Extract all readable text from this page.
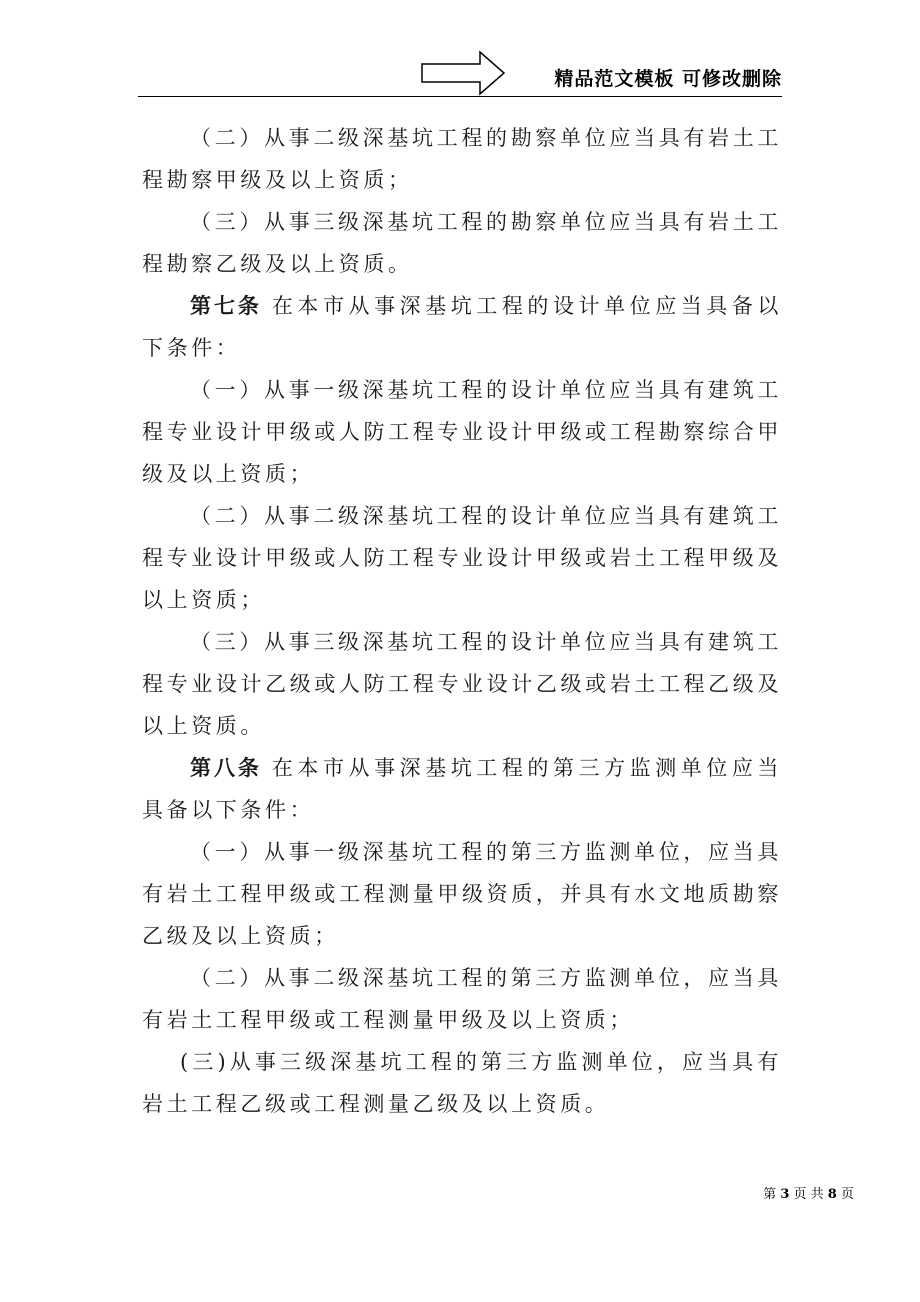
精品范文模板 可修改删除

（二）从事二级深基坑工程的勘察单位应当具有岩土工程勘察甲级及以上资质；

（三）从事三级深基坑工程的勘察单位应当具有岩土工程勘察乙级及以上资质。

第七条 在本市从事深基坑工程的设计单位应当具备以下条件：

（一）从事一级深基坑工程的设计单位应当具有建筑工程专业设计甲级或人防工程专业设计甲级或工程勘察综合甲级及以上资质；

（二）从事二级深基坑工程的设计单位应当具有建筑工程专业设计甲级或人防工程专业设计甲级或岩土工程甲级及以上资质；

（三）从事三级深基坑工程的设计单位应当具有建筑工程专业设计乙级或人防工程专业设计乙级或岩土工程乙级及以上资质。

第八条 在本市从事深基坑工程的第三方监测单位应当具备以下条件：

（一）从事一级深基坑工程的第三方监测单位，应当具有岩土工程甲级或工程测量甲级资质，并具有水文地质勘察乙级及以上资质；

（二）从事二级深基坑工程的第三方监测单位，应当具有岩土工程甲级或工程测量甲级及以上资质；

(三)从事三级深基坑工程的第三方监测单位，应当具有岩土工程乙级或工程测量乙级及以上资质。

第 3 页 共 8 页
